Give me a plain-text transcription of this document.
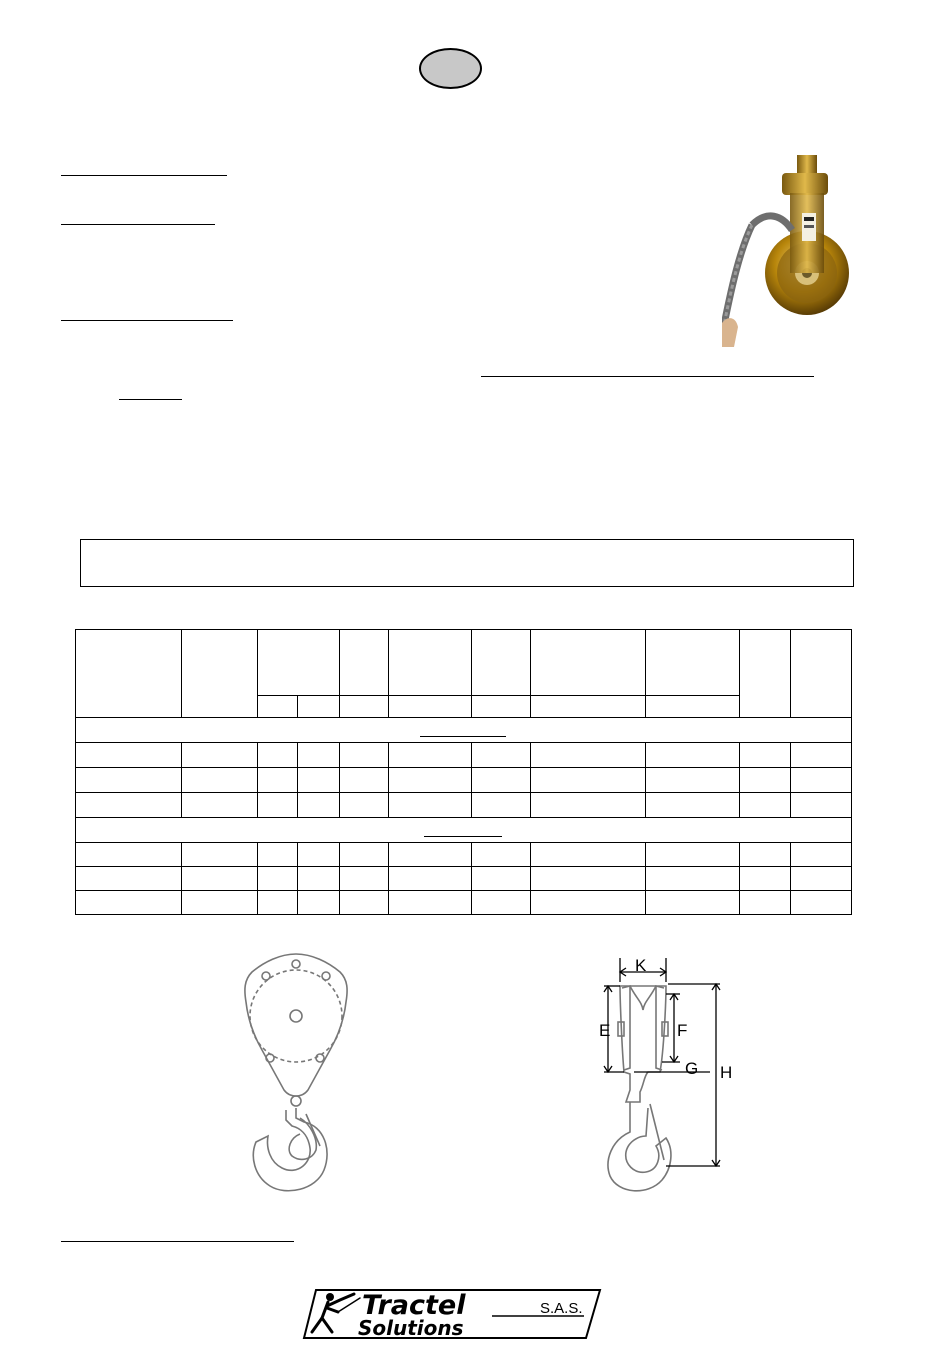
K
E	F
G H
Tractel
Solutions
S.A.S.
